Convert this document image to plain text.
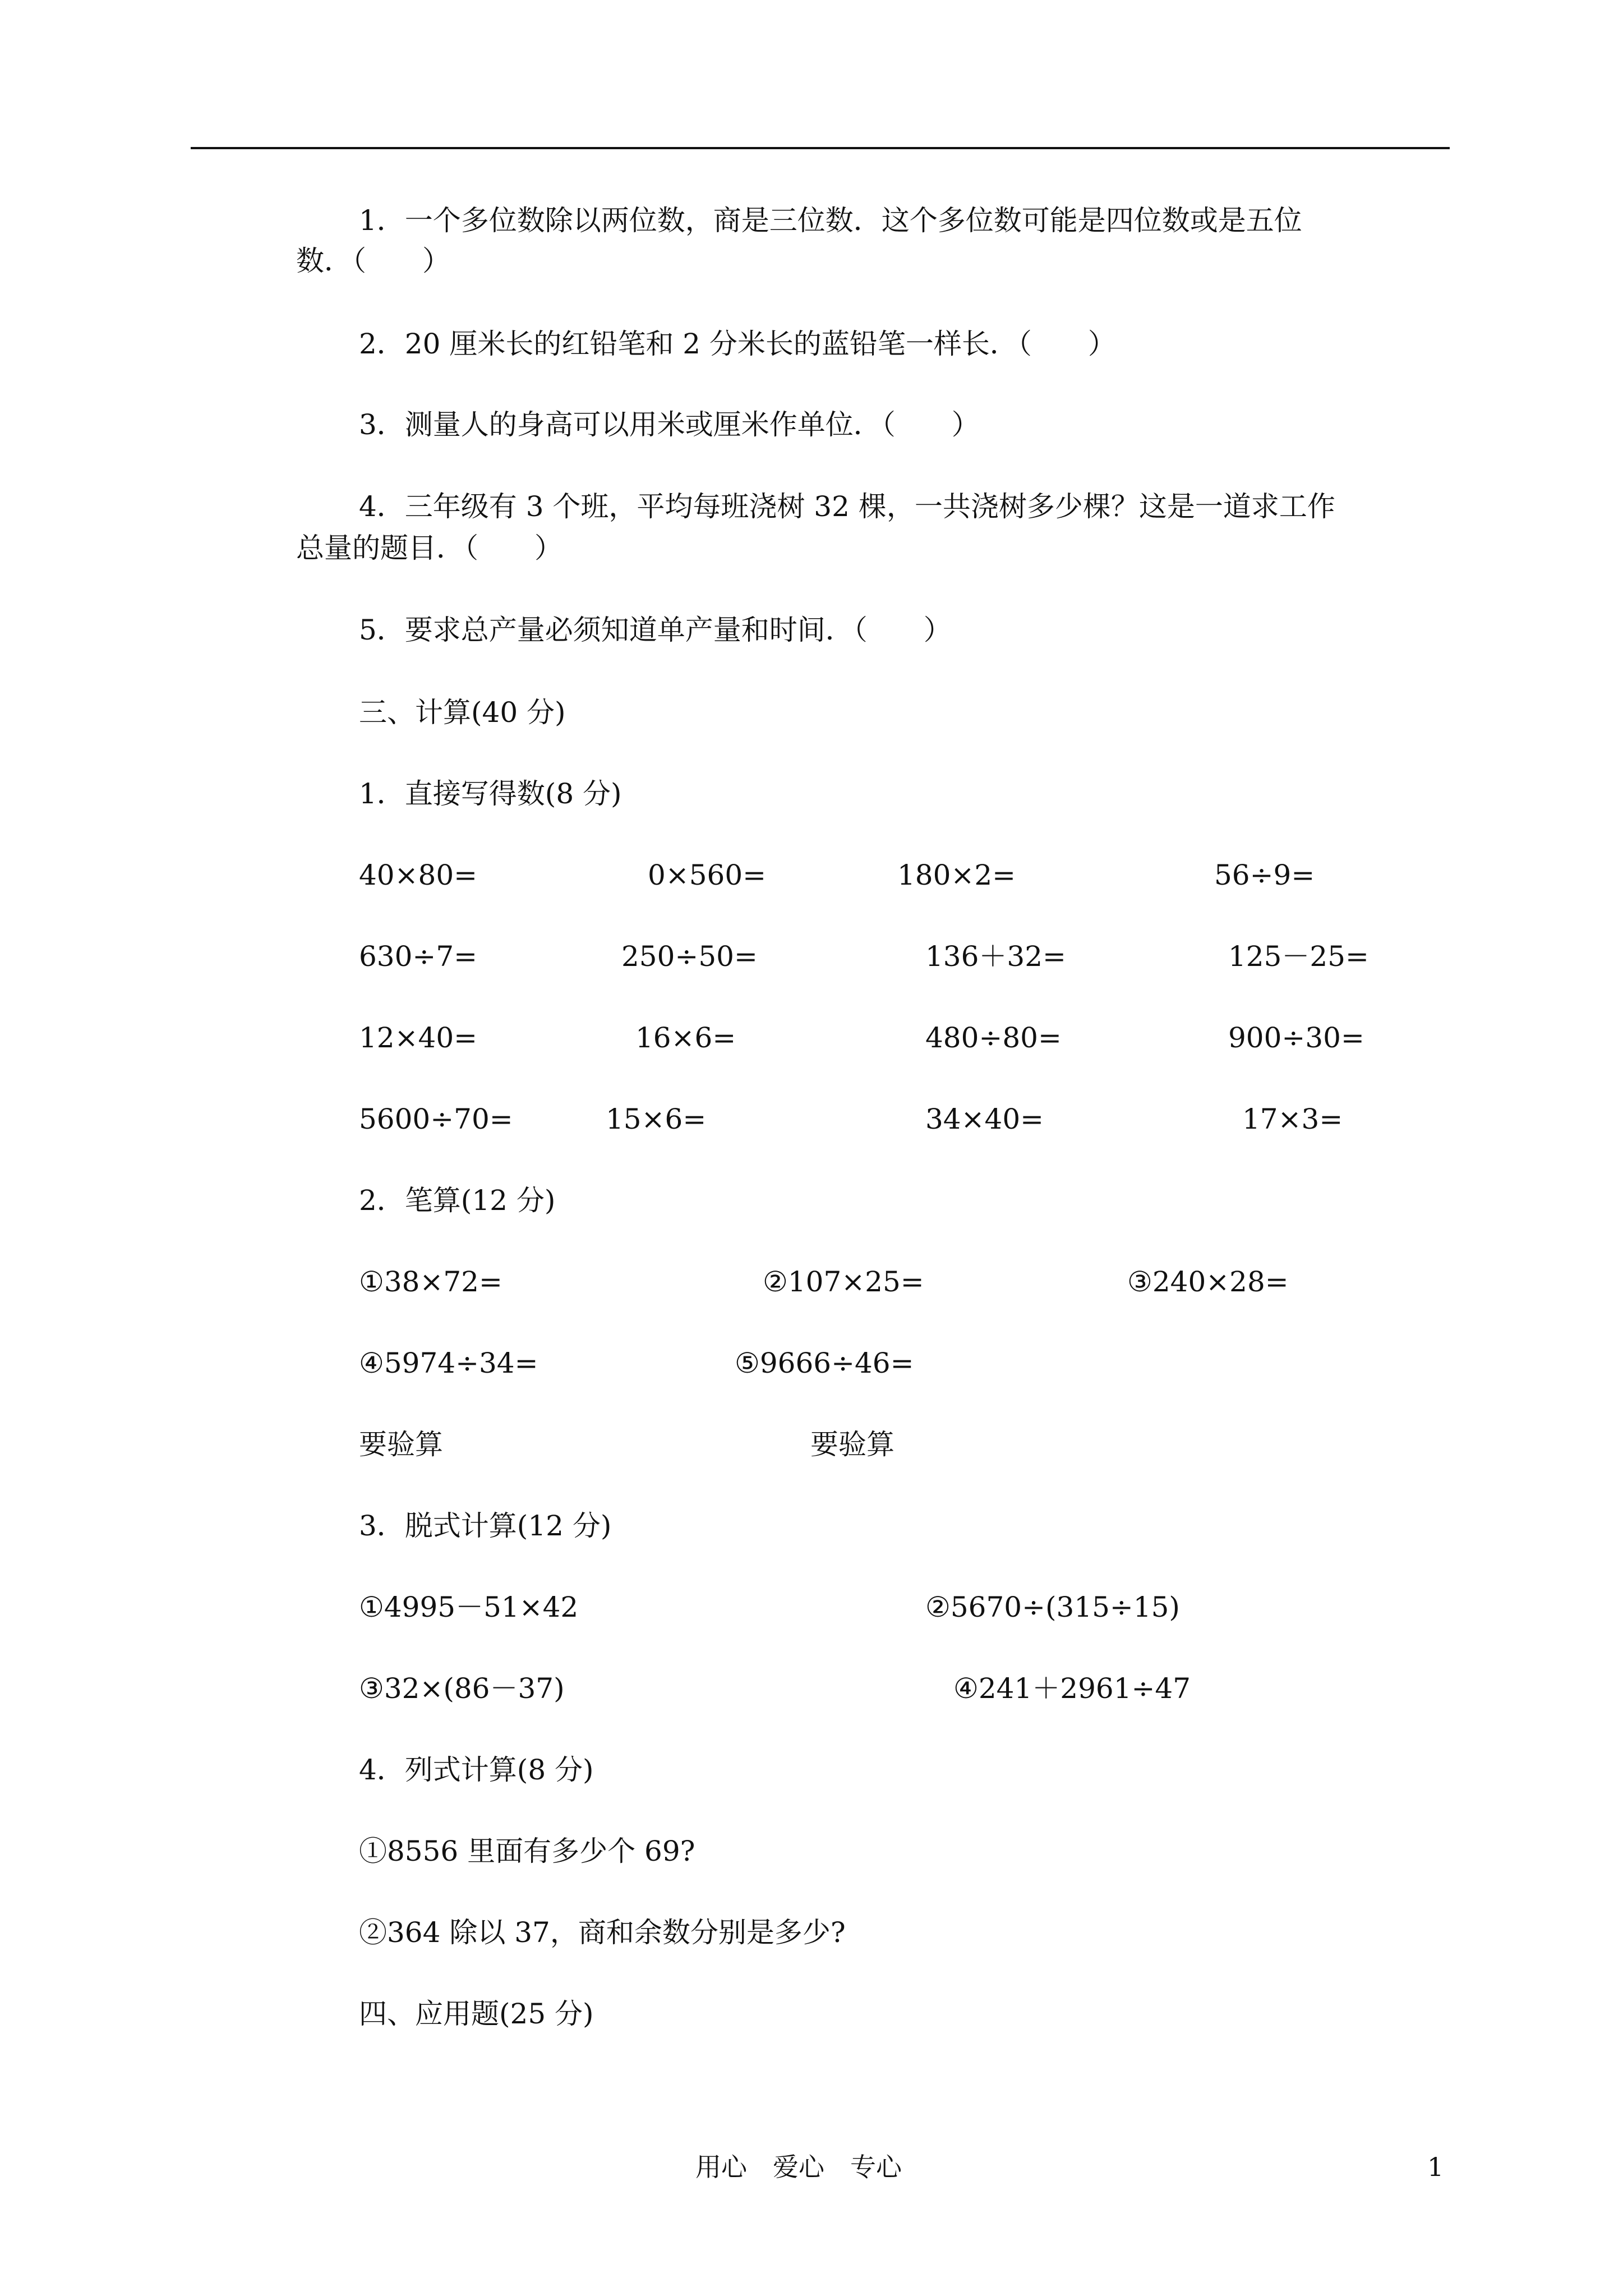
1．一个多位数除以两位数，商是三位数．这个多位数可能是四位数或是五位
数．（　　）
2．20 厘米长的红铅笔和 2 分米长的蓝铅笔一样长．（　　）
3．测量人的身高可以用米或厘米作单位．（　　）
4．三年级有 3 个班，平均每班浇树 32 棵，一共浇树多少棵？这是一道求工作
总量的题目．（　　）
5．要求总产量必须知道单产量和时间．（　　）
三、计算(40 分)
1．直接写得数(8 分)
40×80=	0×560=	180×2=	56÷9=
630÷7=	250÷50=	136＋32=	125－25=
12×40=	16×6=	480÷80=	900÷30=
5600÷70=	15×6=	34×40=	17×3=
2．笔算(12 分)
①38×72=	②107×25=	③240×28=
④5974÷34=	⑤9666÷46=
要验算	要验算
3．脱式计算(12 分)
①4995－51×42	②5670÷(315÷15)
③32×(86－37)	④241＋2961÷47
4．列式计算(8 分)
①8556 里面有多少个 69?
②364 除以 37，商和余数分别是多少?
四、应用题(25 分)
用心　爱心　专心	1
